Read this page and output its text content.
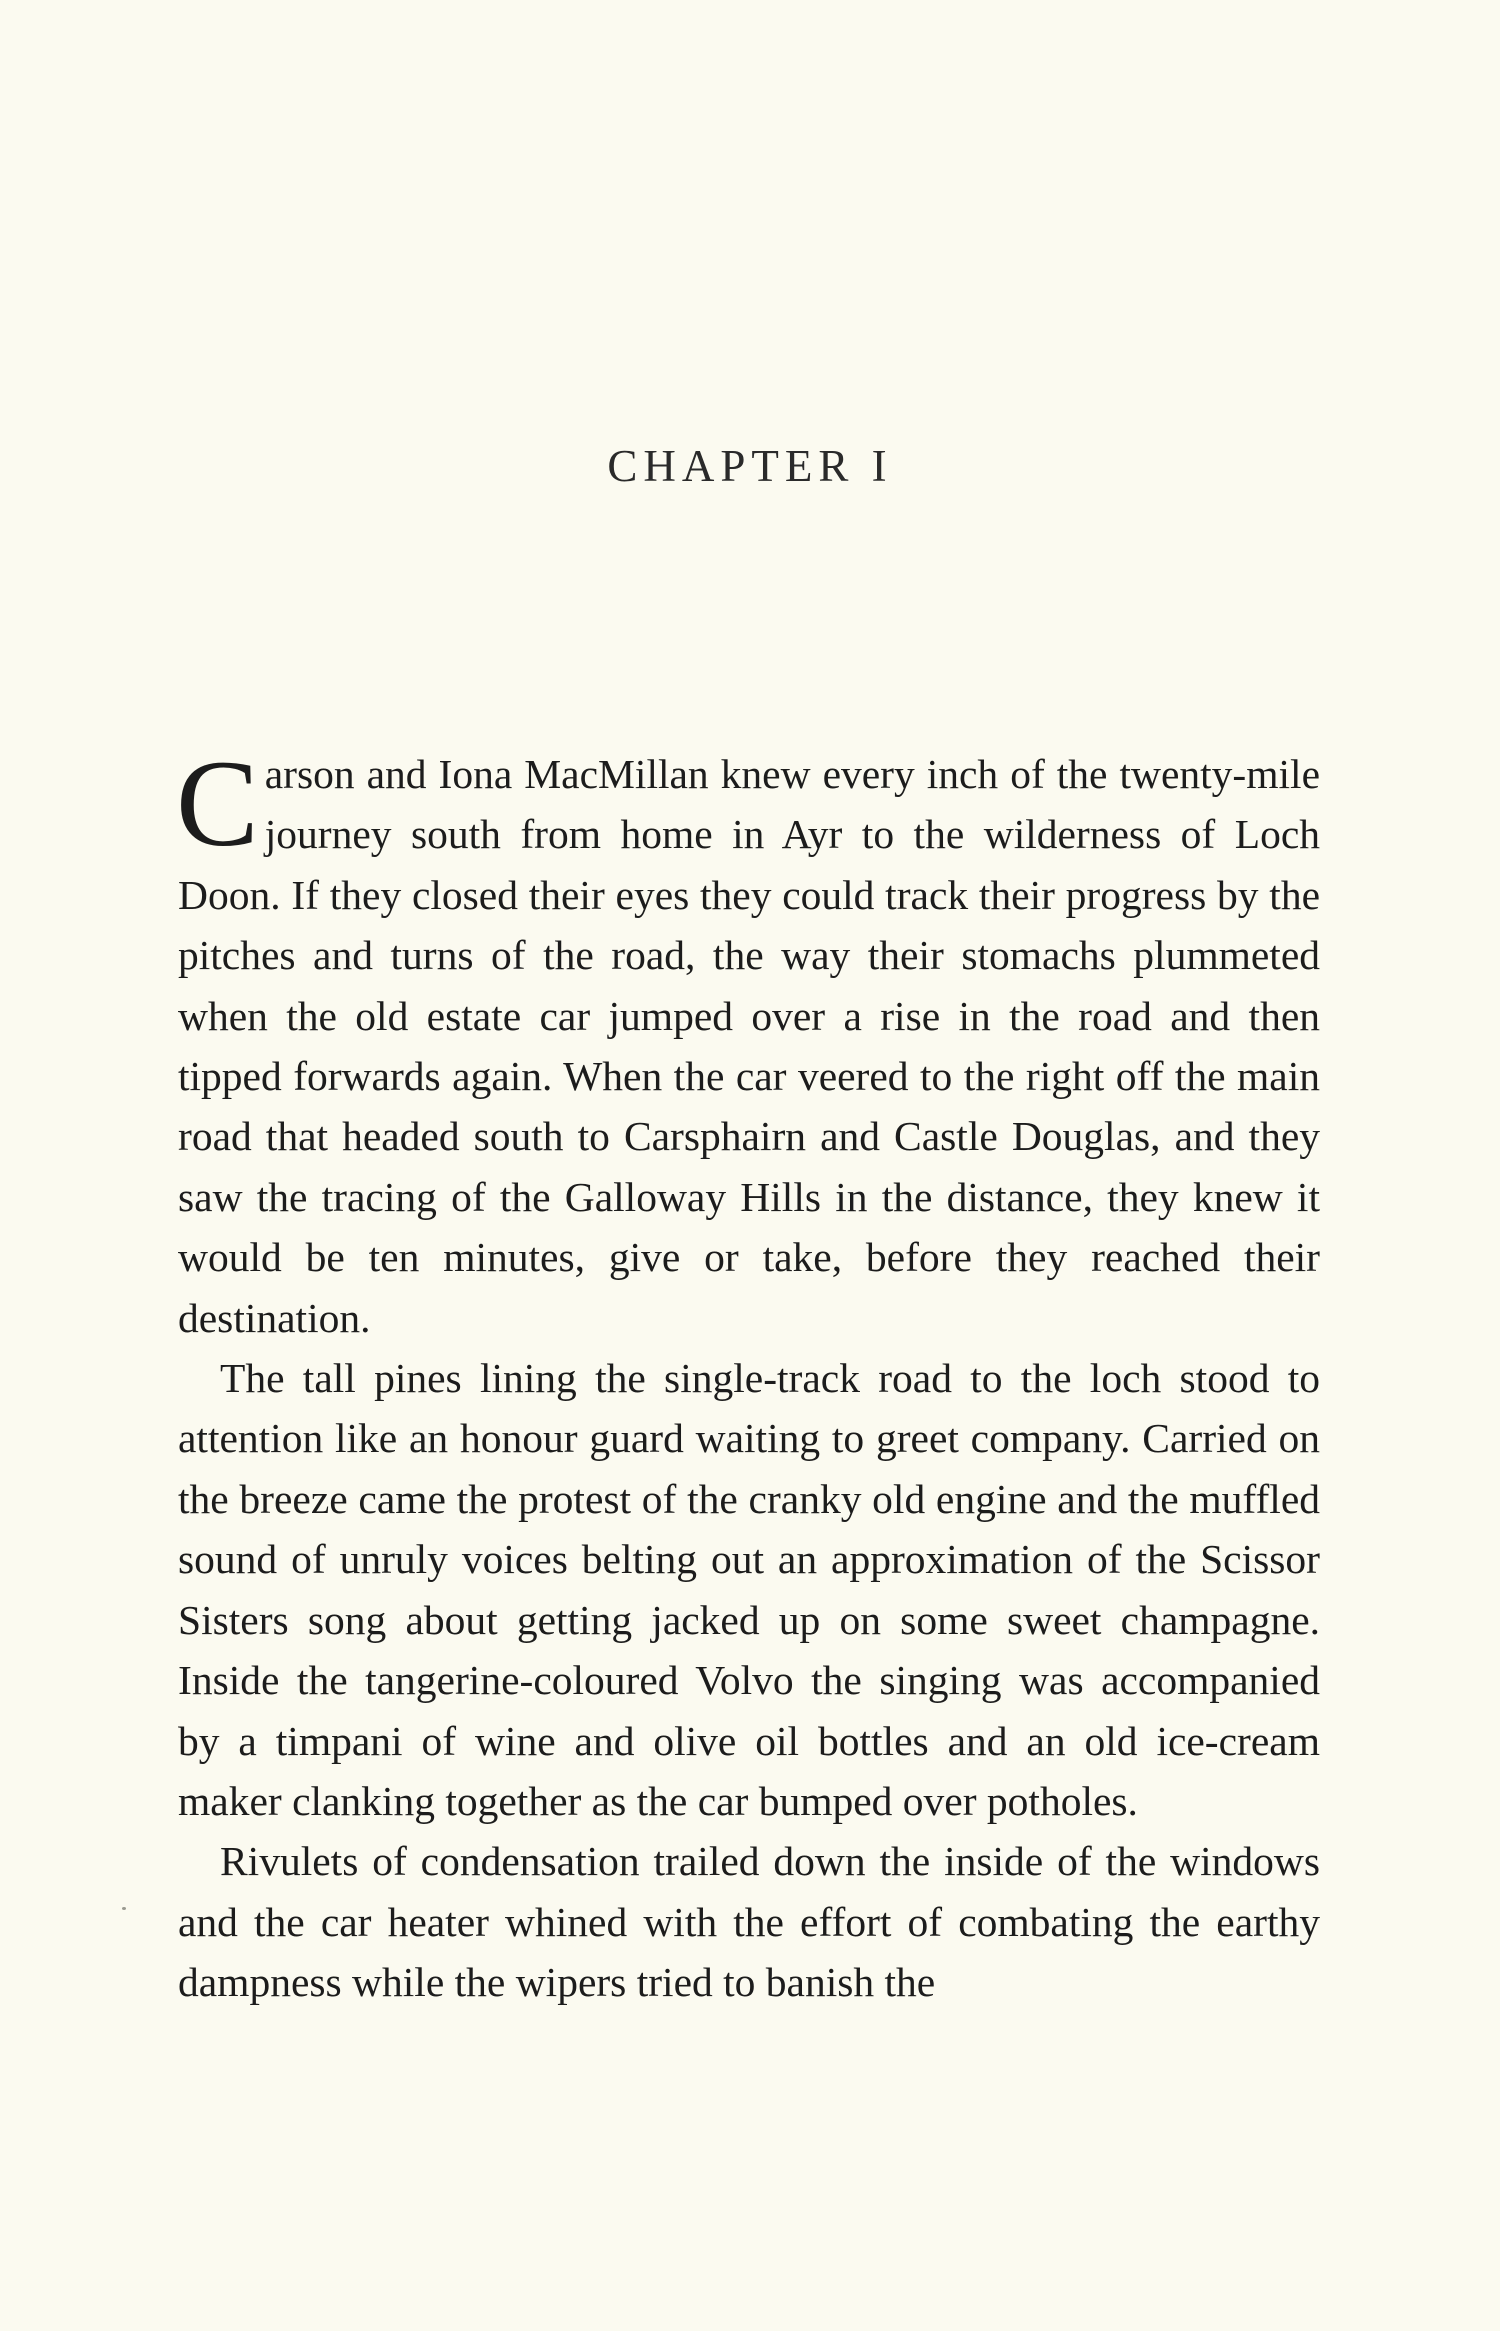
CHAPTER I

Carson and Iona MacMillan knew every inch of the twenty-mile journey south from home in Ayr to the wilderness of Loch Doon. If they closed their eyes they could track their progress by the pitches and turns of the road, the way their stomachs plummeted when the old estate car jumped over a rise in the road and then tipped forwards again. When the car veered to the right off the main road that headed south to Carsphairn and Castle Douglas, and they saw the tracing of the Galloway Hills in the distance, they knew it would be ten minutes, give or take, before they reached their destination.

The tall pines lining the single-track road to the loch stood to attention like an honour guard waiting to greet company. Carried on the breeze came the protest of the cranky old engine and the muffled sound of unruly voices belting out an approximation of the Scissor Sisters song about getting jacked up on some sweet champagne. Inside the tangerine-coloured Volvo the singing was accompanied by a timpani of wine and olive oil bottles and an old ice-cream maker clanking together as the car bumped over potholes.

Rivulets of condensation trailed down the inside of the windows and the car heater whined with the effort of combating the earthy dampness while the wipers tried to banish the
